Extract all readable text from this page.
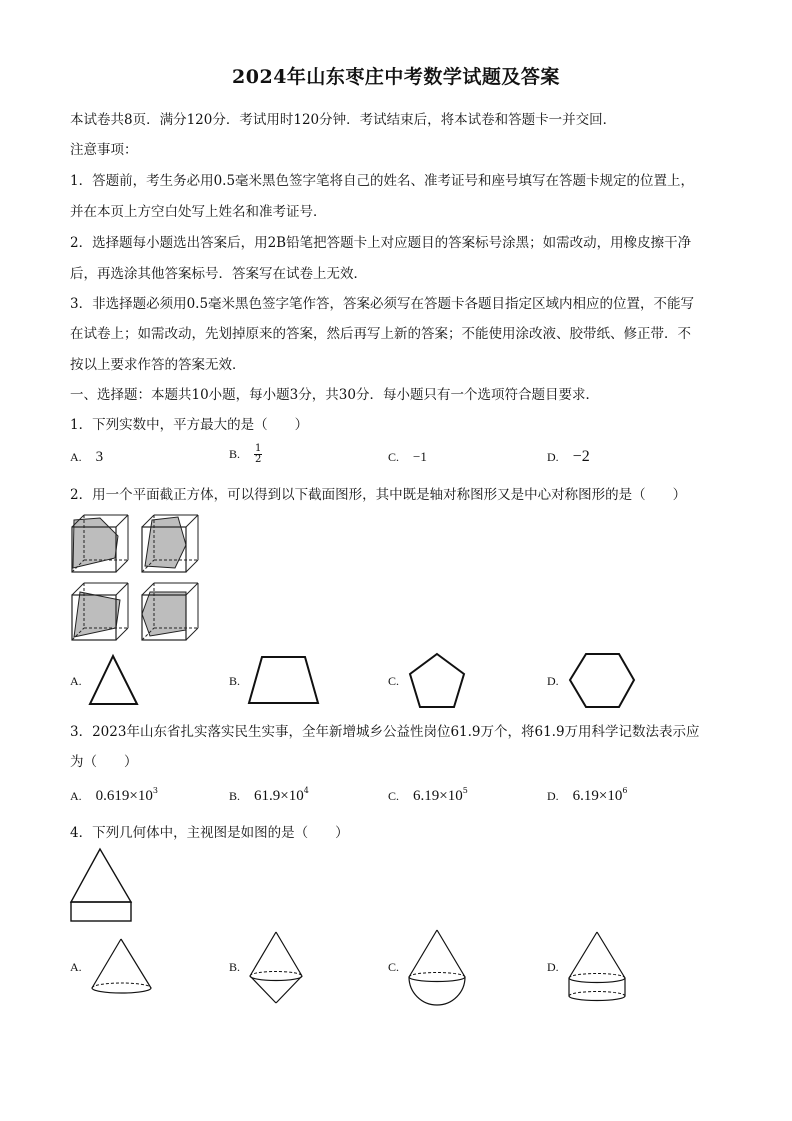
2024年山东枣庄中考数学试题及答案
本试卷共8页．满分120分．考试用时120分钟．考试结束后，将本试卷和答题卡一并交回．
注意事项：
1．答题前，考生务必用0.5毫米黑色签字笔将自己的姓名、准考证号和座号填写在答题卡规定的位置上，
并在本页上方空白处写上姓名和准考证号．
2．选择题每小题选出答案后，用2B铅笔把答题卡上对应题目的答案标号涂黑；如需改动，用橡皮擦干净
后，再选涂其他答案标号．答案写在试卷上无效．
3．非选择题必须用0.5毫米黑色签字笔作答，答案必须写在答题卡各题目指定区域内相应的位置，不能写
在试卷上；如需改动，先划掉原来的答案，然后再写上新的答案；不能使用涂改液、胶带纸、修正带．不
按以上要求作答的答案无效．
一、选择题：本题共10小题，每小题3分，共30分．每小题只有一个选项符合题目要求．
1．下列实数中，平方最大的是（　　）
A. 3	B. $\frac{1}{2}$	C. −1	D. −2
2．用一个平面截正方体，可以得到以下截面图形，其中既是轴对称图形又是中心对称图形的是（　　）
A.	B.	C.	D.
3．2023年山东省扎实落实民生实事，全年新增城乡公益性岗位61.9万个，将61.9万用科学记数法表示应
为（　　）
A. $0.619\times 10^3$	B. $61.9\times 10^4$	C. $6.19\times 10^5$	D. $6.19\times 10^6$
4．下列几何体中，主视图是如图的是（　　）
A.	B.	C.	D.
